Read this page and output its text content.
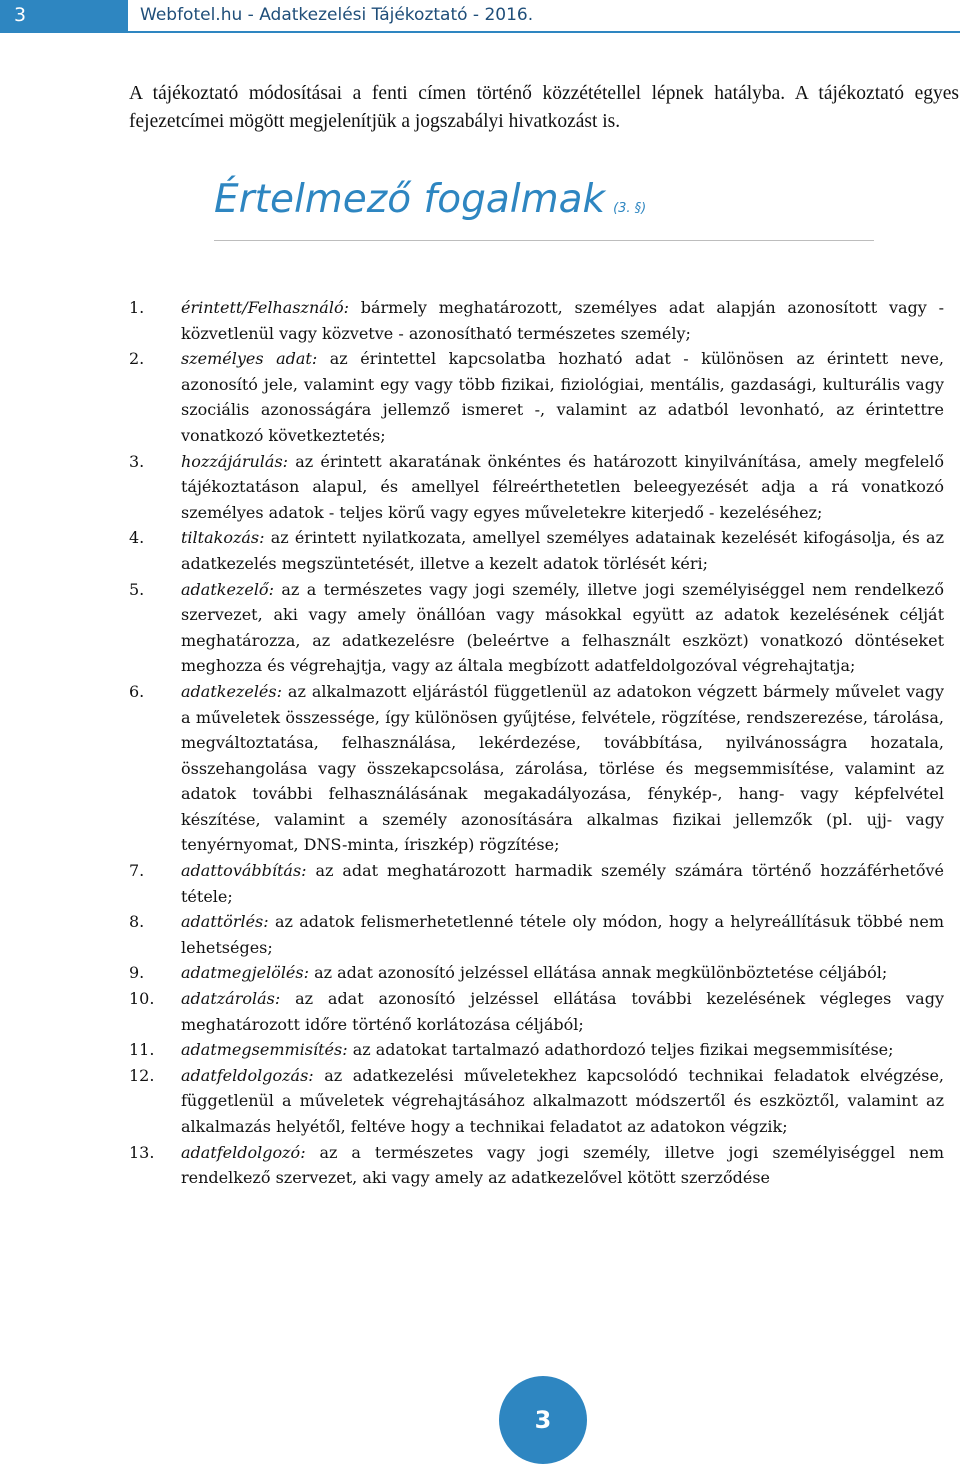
3	Webfotel.hu - Adatkezelési Tájékoztató - 2016.

A tájékoztató módosításai a fenti címen történő közzététellel lépnek hatályba. A tájékoztató egyes fejezetcímei mögött megjelenítjük a jogszabályi hivatkozást is.

Értelmező fogalmak (3. §)
1. érintett/Felhasználó: bármely meghatározott, személyes adat alapján azonosított vagy - közvetlenül vagy közvetve - azonosítható természetes személy;
2. személyes adat: az érintettel kapcsolatba hozható adat - különösen az érintett neve, azonosító jele, valamint egy vagy több fizikai, fiziológiai, mentális, gazdasági, kulturális vagy szociális azonosságára jellemző ismeret -, valamint az adatból levonható, az érintettre vonatkozó következtetés;
3. hozzájárulás: az érintett akaratának önkéntes és határozott kinyilvánítása, amely megfelelő tájékoztatáson alapul, és amellyel félreérthetetlen beleegyezését adja a rá vonatkozó személyes adatok - teljes körű vagy egyes műveletekre kiterjedő - kezeléséhez;
4. tiltakozás: az érintett nyilatkozata, amellyel személyes adatainak kezelését kifogásolja, és az adatkezelés megszüntetését, illetve a kezelt adatok törlését kéri;
5. adatkezelő: az a természetes vagy jogi személy, illetve jogi személyiséggel nem rendelkező szervezet, aki vagy amely önállóan vagy másokkal együtt az adatok kezelésének célját meghatározza, az adatkezelésre (beleértve a felhasznált eszközt) vonatkozó döntéseket meghozza és végrehajtja, vagy az általa megbízott adatfeldolgozóval végrehajtatja;
6. adatkezelés: az alkalmazott eljárástól függetlenül az adatokon végzett bármely művelet vagy a műveletek összessége, így különösen gyűjtése, felvétele, rögzítése, rendszerezése, tárolása, megváltoztatása, felhasználása, lekérdezése, továbbítása, nyilvánosságra hozatala, összehangolása vagy összekapcsolása, zárolása, törlése és megsemmisítése, valamint az adatok további felhasználásának megakadályozása, fénykép-, hang- vagy képfelvétel készítése, valamint a személy azonosítására alkalmas fizikai jellemzők (pl. ujj- vagy tenyérnyomat, DNS-minta, íriszkép) rögzítése;
7. adattovábbítás: az adat meghatározott harmadik személy számára történő hozzáférhetővé tétele;
8. adattörlés: az adatok felismerhetetlenné tétele oly módon, hogy a helyreállításuk többé nem lehetséges;
9. adatmegjelölés: az adat azonosító jelzéssel ellátása annak megkülönböztetése céljából;
10. adatzárolás: az adat azonosító jelzéssel ellátása további kezelésének végleges vagy meghatározott időre történő korlátozása céljából;
11. adatmegsemmisítés: az adatokat tartalmazó adathordozó teljes fizikai megsemmisítése;
12. adatfeldolgozás: az adatkezelési műveletekhez kapcsolódó technikai feladatok elvégzése, függetlenül a műveletek végrehajtásához alkalmazott módszertől és eszköztől, valamint az alkalmazás helyétől, feltéve hogy a technikai feladatot az adatokon végzik;
13. adatfeldolgozó: az a természetes vagy jogi személy, illetve jogi személyiséggel nem rendelkező szervezet, aki vagy amely az adatkezelővel kötött szerződése
3
